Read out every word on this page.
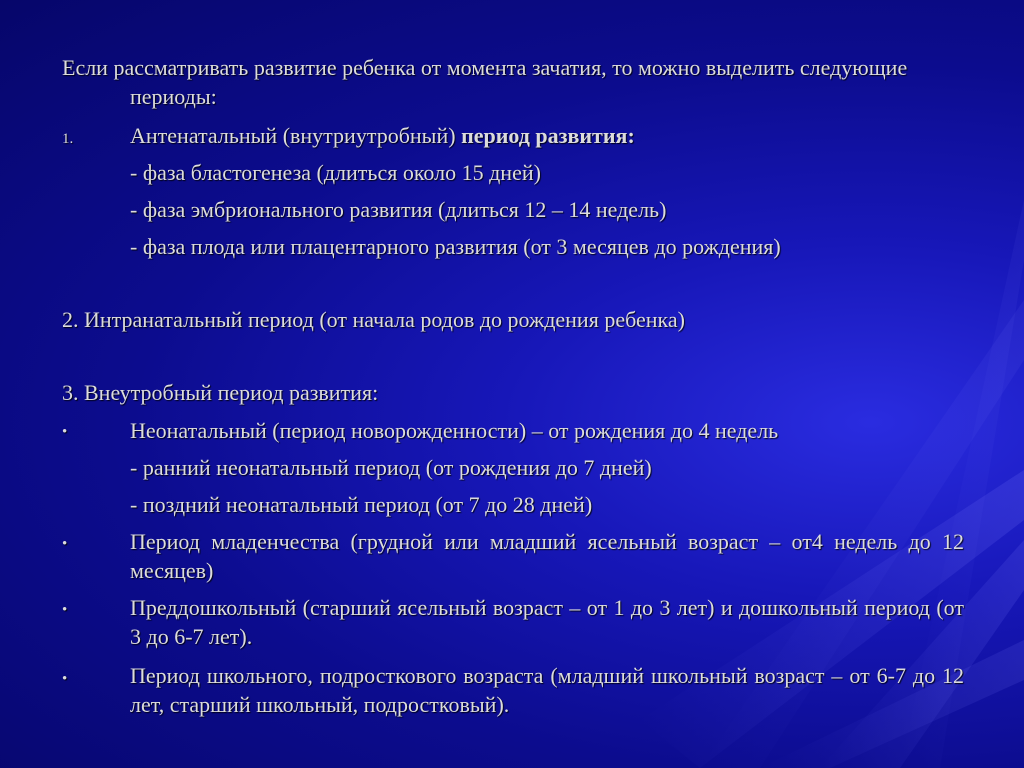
Если рассматривать развитие ребенка от момента зачатия, то можно выделить следующие периоды:
1.	Антенатальный (внутриутробный) период развития:
- фаза бластогенеза (длиться около 15 дней)
- фаза эмбрионального развития (длиться 12 – 14 недель)
- фаза плода или плацентарного развития (от 3 месяцев до рождения)
2. Интранатальный период (от начала родов до рождения ребенка)
3. Внеутробный период развития:
•	Неонатальный (период новорожденности) – от рождения до 4 недель
- ранний неонатальный период (от рождения до 7 дней)
- поздний неонатальный период (от 7 до 28 дней)
•	Период младенчества (грудной или младший ясельный возраст – от4 недель до 12 месяцев)
•	Преддошкольный (старший ясельный возраст – от 1 до 3 лет) и дошкольный период (от 3 до 6-7 лет).
•	Период школьного, подросткового возраста (младший школьный возраст – от 6-7 до 12 лет, старший школьный, подростковый).
